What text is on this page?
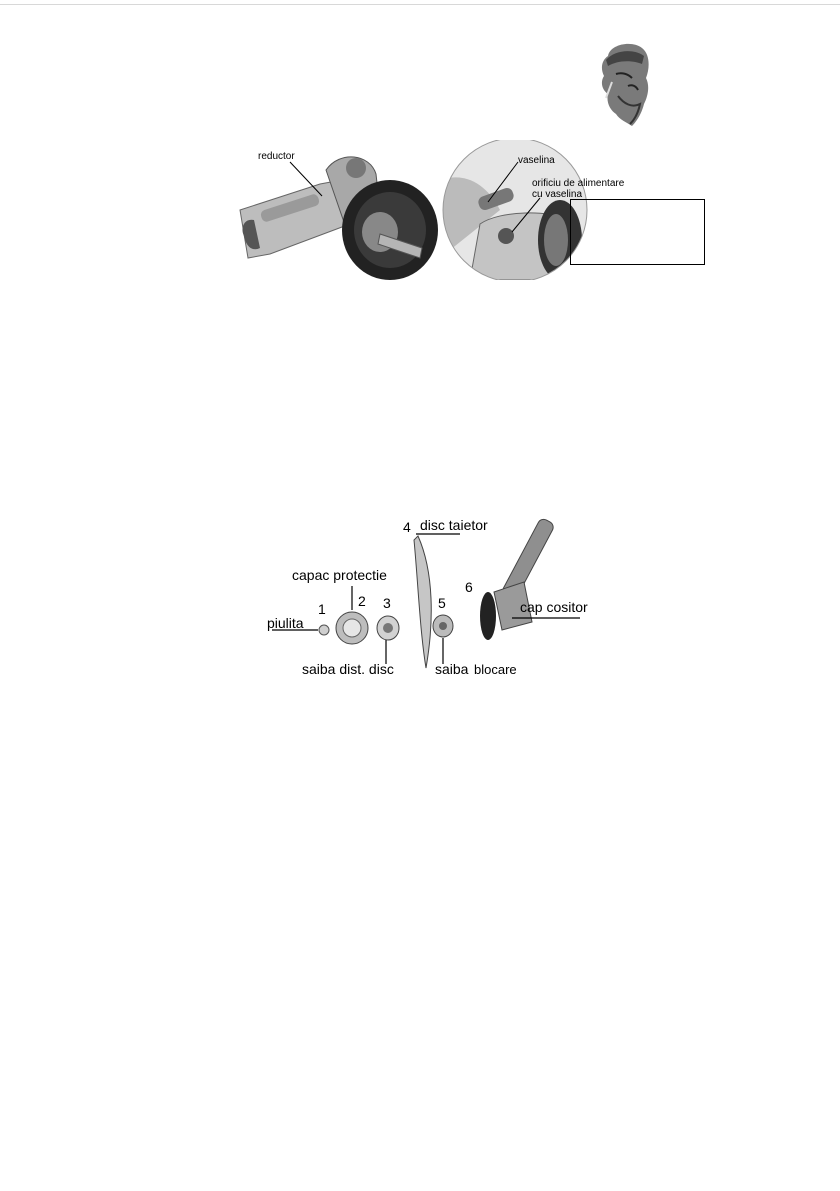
reductor	vaselina
orificiu de alimentare
cu vaselina
4 disc taietor
capac protectie
6
1 2 3	5	cap cositor
piulita
saiba dist. disc	saiba blocare
